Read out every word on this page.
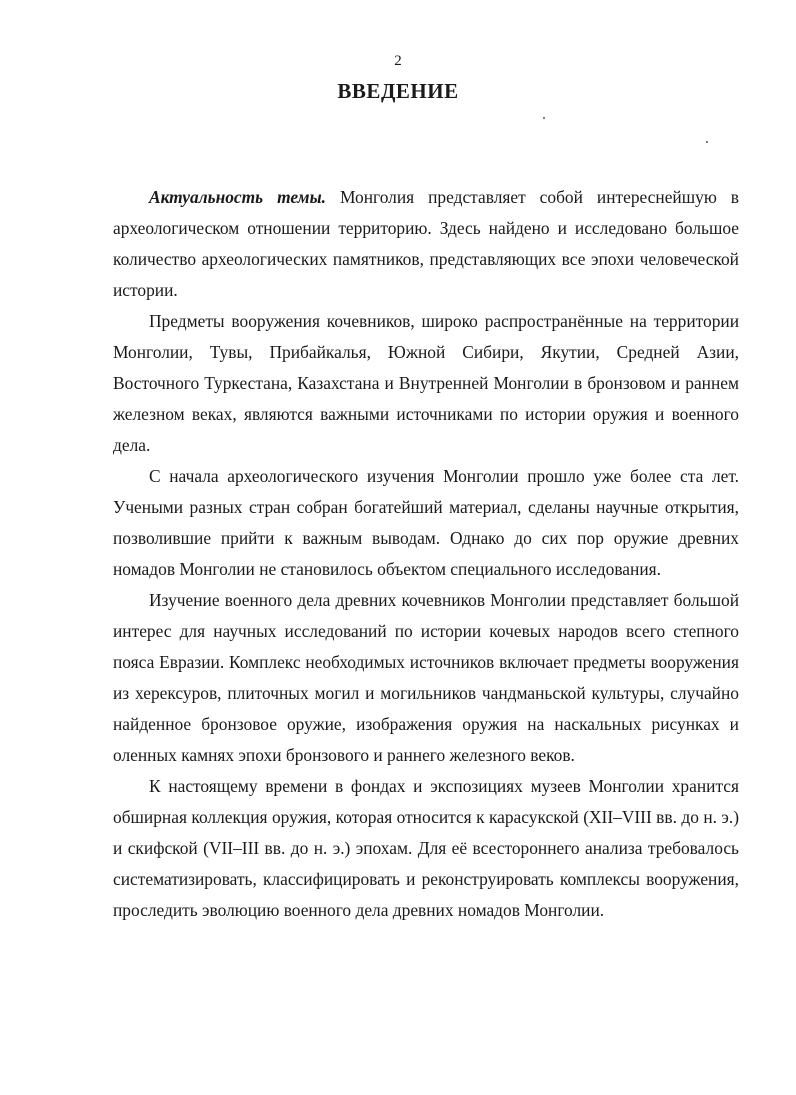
2
ВВЕДЕНИЕ

Актуальность темы. Монголия представляет собой интереснейшую в археологическом отношении территорию. Здесь найдено и исследовано большое количество археологических памятников, представляющих все эпохи человеческой истории.

Предметы вооружения кочевников, широко распространённые на территории Монголии, Тувы, Прибайкалья, Южной Сибири, Якутии, Средней Азии, Восточного Туркестана, Казахстана и Внутренней Монголии в бронзовом и раннем железном веках, являются важными источниками по истории оружия и военного дела.

С начала археологического изучения Монголии прошло уже более ста лет. Учеными разных стран собран богатейший материал, сделаны научные открытия, позволившие прийти к важным выводам. Однако до сих пор оружие древних номадов Монголии не становилось объектом специального исследования.

Изучение военного дела древних кочевников Монголии представляет большой интерес для научных исследований по истории кочевых народов всего степного пояса Евразии. Комплекс необходимых источников включает предметы вооружения из херексуров, плиточных могил и могильников чандманьской культуры, случайно найденное бронзовое оружие, изображения оружия на наскальных рисунках и оленных камнях эпохи бронзового и раннего железного веков.

К настоящему времени в фондах и экспозициях музеев Монголии хранится обширная коллекция оружия, которая относится к карасукской (XII–VIII вв. до н. э.) и скифской (VII–III вв. до н. э.) эпохам. Для её всестороннего анализа требовалось систематизировать, классифицировать и реконструировать комплексы вооружения, проследить эволюцию военного дела древних номадов Монголии.
